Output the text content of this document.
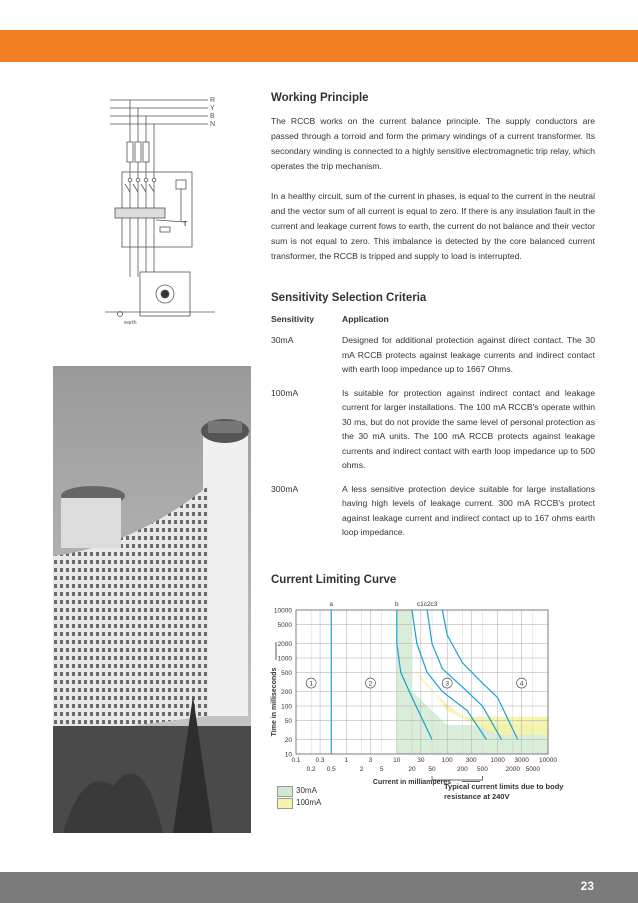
R
Y
B
N
T
earth
Working Principle

The RCCB works on the current balance principle. The supply conductors are passed through a torroid and form the primary windings of a current transformer. Its secondary winding is connected to a highly sensitive electromagnetic trip relay, which operates the trip mechanism.

In a healthy circuit, sum of the current in phases, is equal to the current in the neutral and the vector sum of all current is equal to zero. If there is any insulation fault in the current and leakage current fows to earth, the current do not balance and their vector sum is not equal to zero. This imbalance is detected by the core balanced current transformer, the RCCB is tripped and supply to load is interrupted.

Sensitivity Selection Criteria
Sensitivity	Application
30mA	Designed for additional protection against direct contact. The 30 mA RCCB protects against leakage currents and indirect contact with earth loop impedance up to 1667 Ohms.
100mA	Is suitable for protection against indirect contact and leakage current for larger installations. The 100 mA RCCB's operate within 30 ms, but do not provide the same level of personal protection as the 30 mA units. The 100 mA RCCB protects against leakage currents and indirect contact with earth loop impedance up to 500 ohms.
300mA	A less sensitive protection device suitable for large installations having high levels of leakage current. 300 mA RCCB's protect against leakage current and indirect contact up to 167 ohms earth loop impedance.
Current Limiting Curve
10000
5000
2000
1000
500
200
100
50
20
10
0.1 0.3	1	3	10	30	100 300 1000 3000 10000
0.2 0.5	2	5	20 50	200 500	2000 5000
a	b	c1c2c3
1	2	3	4
Current in milliamperes
Time in milliseconds
30mA
100mA
Typical current limits due to body resistance at 240V
23
